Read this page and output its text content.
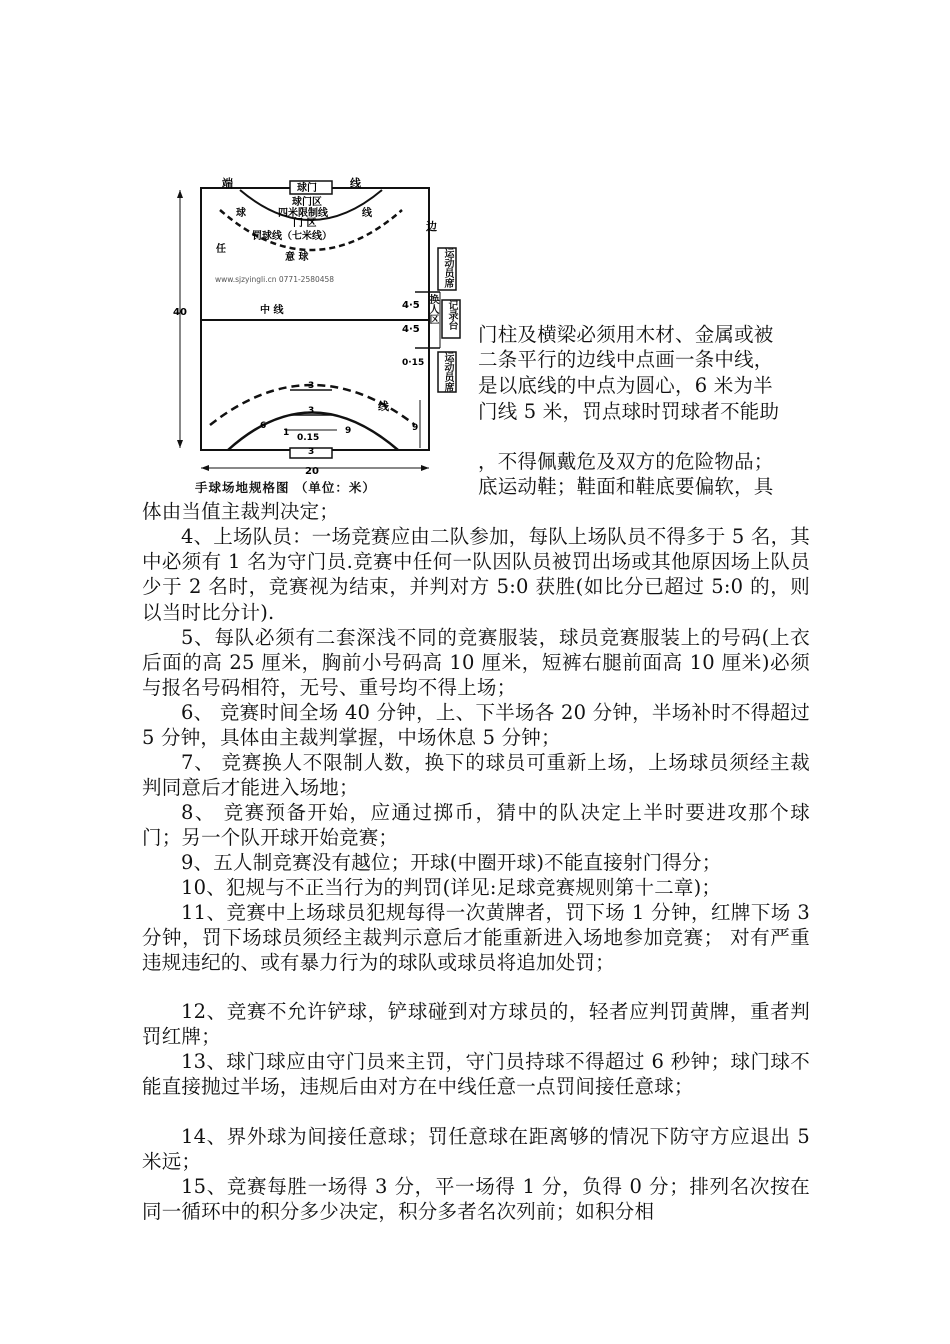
端	球门	线
球门区
球	四米限制线	线
门 区
罚球线（七米线）
任
意 球
边
www.sjzyingli.cn 0771-2580458
40	中 线	4·5
4·5
0·15
线
3
3
6	9	9
1 0.15
3
20
运动员席
换人区 记录台
运动员席
手球场地规格图 （单位：米）
门柱及横梁必须用木材、金属或被
二条平行的边线中点画一条中线，
是以底线的中点为圆心，6 米为半
门线 5 米，罚点球时罚球者不能助
，不得佩戴危及双方的危险物品；
底运动鞋；鞋面和鞋底要偏软，具
体由当值主裁判决定；

4、上场队员：一场竞赛应由二队参加，每队上场队员不得多于 5 名，其中必须有 1 名为守门员.竞赛中任何一队因队员被罚出场或其他原因场上队员少于 2 名时，竞赛视为结束，并判对方 5:0 获胜(如比分已超过 5:0 的，则以当时比分计).

5、每队必须有二套深浅不同的竞赛服装，球员竞赛服装上的号码(上衣后面的高 25 厘米，胸前小号码高 10 厘米，短裤右腿前面高 10 厘米)必须与报名号码相符，无号、重号均不得上场；

6、 竞赛时间全场 40 分钟，上、下半场各 20 分钟，半场补时不得超过 5 分钟，具体由主裁判掌握，中场休息 5 分钟；

7、 竞赛换人不限制人数，换下的球员可重新上场，上场球员须经主裁判同意后才能进入场地；

8、 竞赛预备开始，应通过掷币，猜中的队决定上半时要进攻那个球门；另一个队开球开始竞赛；

9、五人制竞赛没有越位；开球(中圈开球)不能直接射门得分；

10、犯规与不正当行为的判罚(详见:足球竞赛规则第十二章)；

11、竞赛中上场球员犯规每得一次黄牌者，罚下场 1 分钟，红牌下场 3 分钟，罚下场球员须经主裁判示意后才能重新进入场地参加竞赛； 对有严重违规违纪的、或有暴力行为的球队或球员将追加处罚；

12、竞赛不允许铲球，铲球碰到对方球员的，轻者应判罚黄牌，重者判罚红牌；

13、球门球应由守门员来主罚，守门员持球不得超过 6 秒钟；球门球不能直接抛过半场，违规后由对方在中线任意一点罚间接任意球；

14、界外球为间接任意球；罚任意球在距离够的情况下防守方应退出 5 米远；

15、竞赛每胜一场得 3 分，平一场得 1 分，负得 0 分；排列名次按在同一循环中的积分多少决定，积分多者名次列前；如积分相
